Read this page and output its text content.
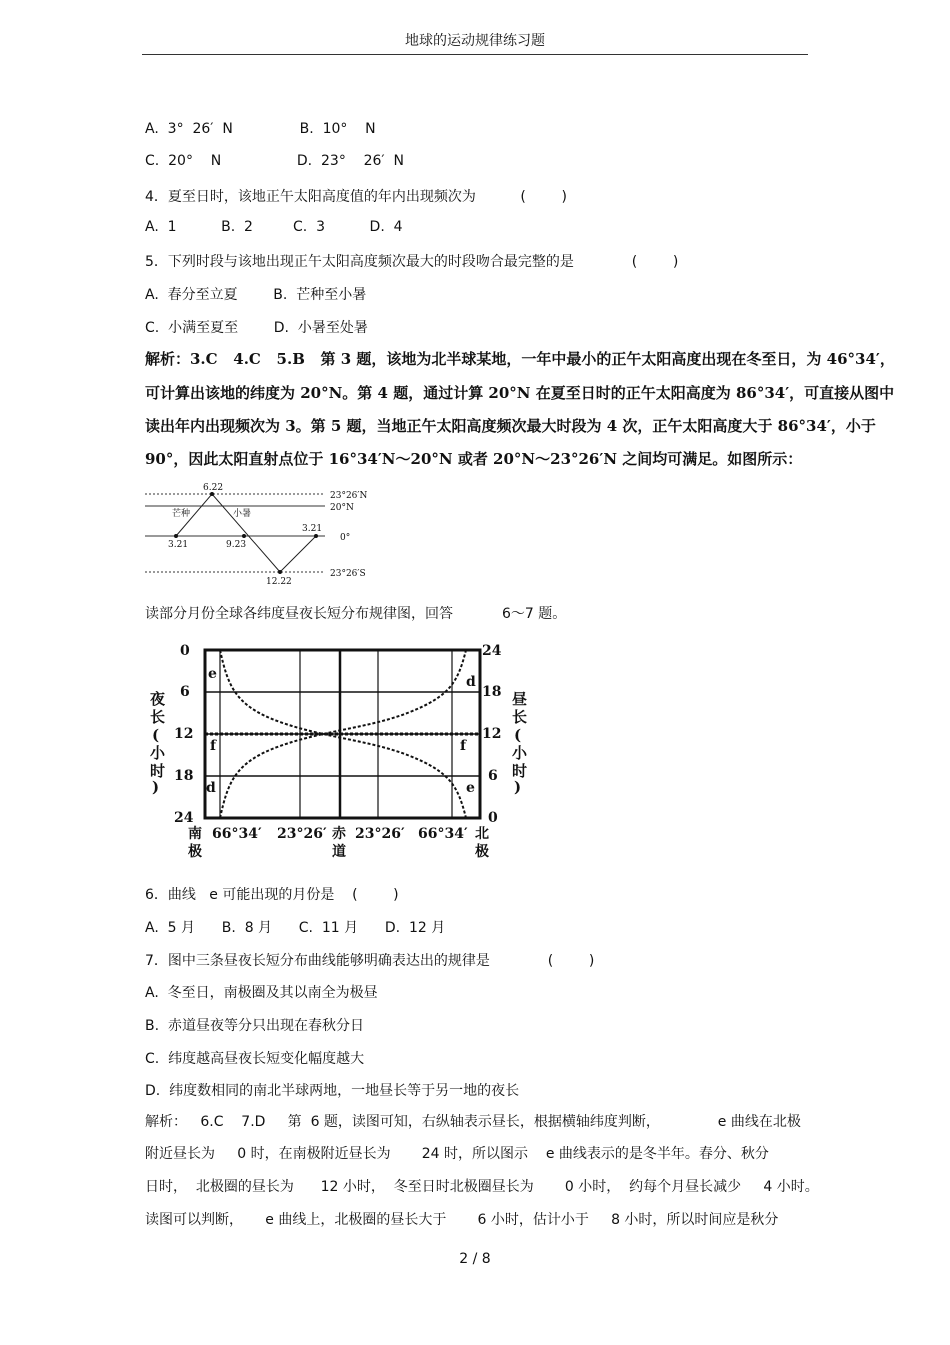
地球的运动规律练习题
A.  3°  26′  N               B.  10°    N
C.  20°    N                 D.  23°    26′  N
4．夏至日时，该地正午太阳高度值的年内出现频次为          (        )
A.  1          B.  2         C.  3          D.  4
5．下列时段与该地出现正午太阳高度频次最大的时段吻合最完整的是             (        )
A.  春分至立夏        B.  芒种至小暑
C.  小满至夏至        D.  小暑至处暑
解析：3.C   4.C   5.B   第 3 题，该地为北半球某地，一年中最小的正午太阳高度出现在冬至日，为 46°34′，
可计算出该地的纬度为 20°N。第 4 题，通过计算 20°N 在夏至日时的正午太阳高度为 86°34′，可直接从图中
读出年内出现频次为 3。第 5 题，当地正午太阳高度频次最大时段为 4 次，正午太阳高度大于 86°34′，小于
90°，因此太阳直射点位于 16°34′N～20°N 或者 20°N～23°26′N 之间均可满足。如图所示：
6.22
芒种	小暑
3.21	9.23
3.21
12.22
23°26′N
20°N
0°
23°26′S
读部分月份全球各纬度昼夜长短分布规律图，回答           6～7 题。
0
6
12
18
24
24
18
12
6
0
夜
长
(
小
时
)
昼
长
(
小
时
)
e	d
f	f
d	e
南
极
66°34′ 23°26′ 赤
道
23°26′ 66°34′ 北
极
6．曲线   e 可能出现的月份是    (        )
A.  5 月      B.  8 月      C.  11 月      D.  12 月
7．图中三条昼夜长短分布曲线能够明确表达出的规律是             (        )
A.  冬至日，南极圈及其以南全为极昼
B.  赤道昼夜等分只出现在春秋分日
C.  纬度越高昼夜长短变化幅度越大
D.  纬度数相同的南北半球两地，一地昼长等于另一地的夜长
解析：   6.C    7.D     第  6 题，读图可知，右纵轴表示昼长，根据横轴纬度判断，             e 曲线在北极
附近昼长为     0 时，在南极附近昼长为       24 时，所以图示    e 曲线表示的是冬半年。春分、秋分
日时，  北极圈的昼长为      12 小时，  冬至日时北极圈昼长为       0 小时，  约每个月昼长减少     4 小时。
读图可以判断，     e 曲线上，北极圈的昼长大于       6 小时，估计小于     8 小时，所以时间应是秋分
2 / 8
